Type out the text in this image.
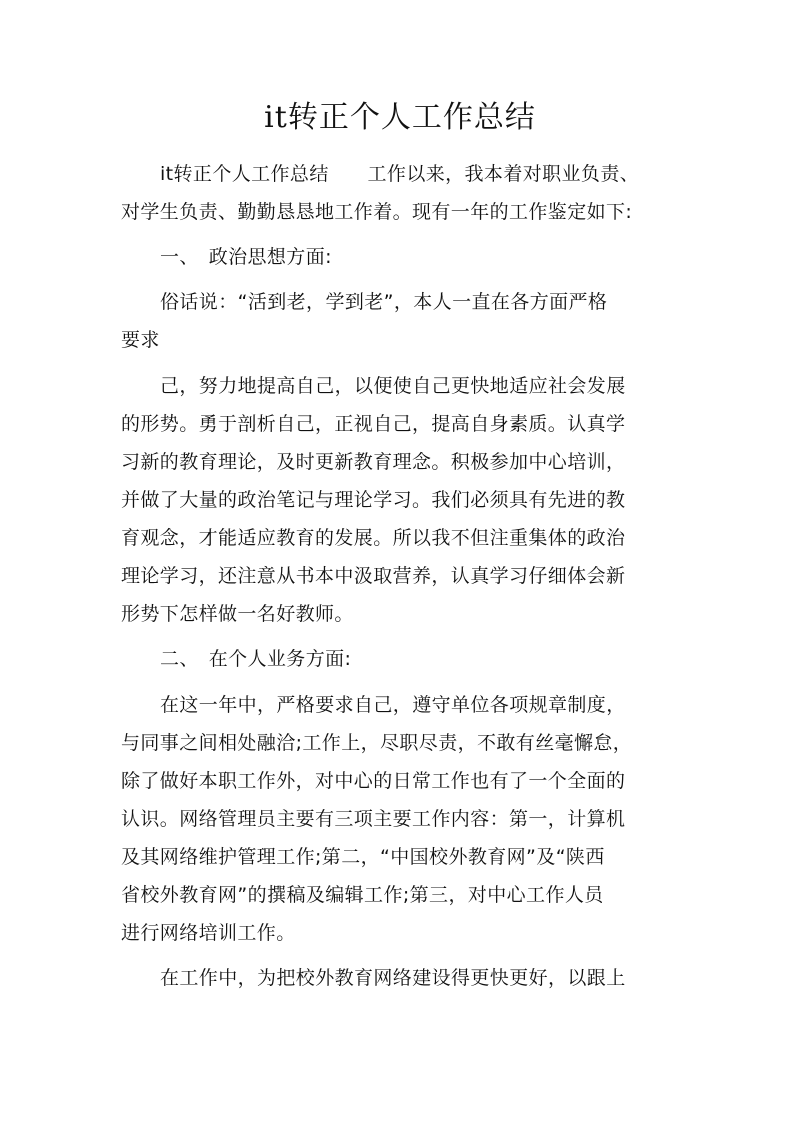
it转正个人工作总结
it转正个人工作总结　　工作以来，我本着对职业负责、
对学生负责、勤勤恳恳地工作着。现有一年的工作鉴定如下:
一、　政治思想方面:
俗话说：“活到老，学到老”，本人一直在各方面严格
要求
己，努力地提高自己，以便使自己更快地适应社会发展
的形势。勇于剖析自己，正视自己，提高自身素质。认真学
习新的教育理论，及时更新教育理念。积极参加中心培训，
并做了大量的政治笔记与理论学习。我们必须具有先进的教
育观念，才能适应教育的发展。所以我不但注重集体的政治
理论学习，还注意从书本中汲取营养，认真学习仔细体会新
形势下怎样做一名好教师。
二、　在个人业务方面:
在这一年中，严格要求自己，遵守单位各项规章制度，
与同事之间相处融洽;工作上，尽职尽责，不敢有丝毫懈怠，
除了做好本职工作外，对中心的日常工作也有了一个全面的
认识。网络管理员主要有三项主要工作内容：第一，计算机
及其网络维护管理工作;第二，“中国校外教育网”及“陕西
省校外教育网”的撰稿及编辑工作;第三，对中心工作人员
进行网络培训工作。
在工作中，为把校外教育网络建设得更快更好，以跟上
